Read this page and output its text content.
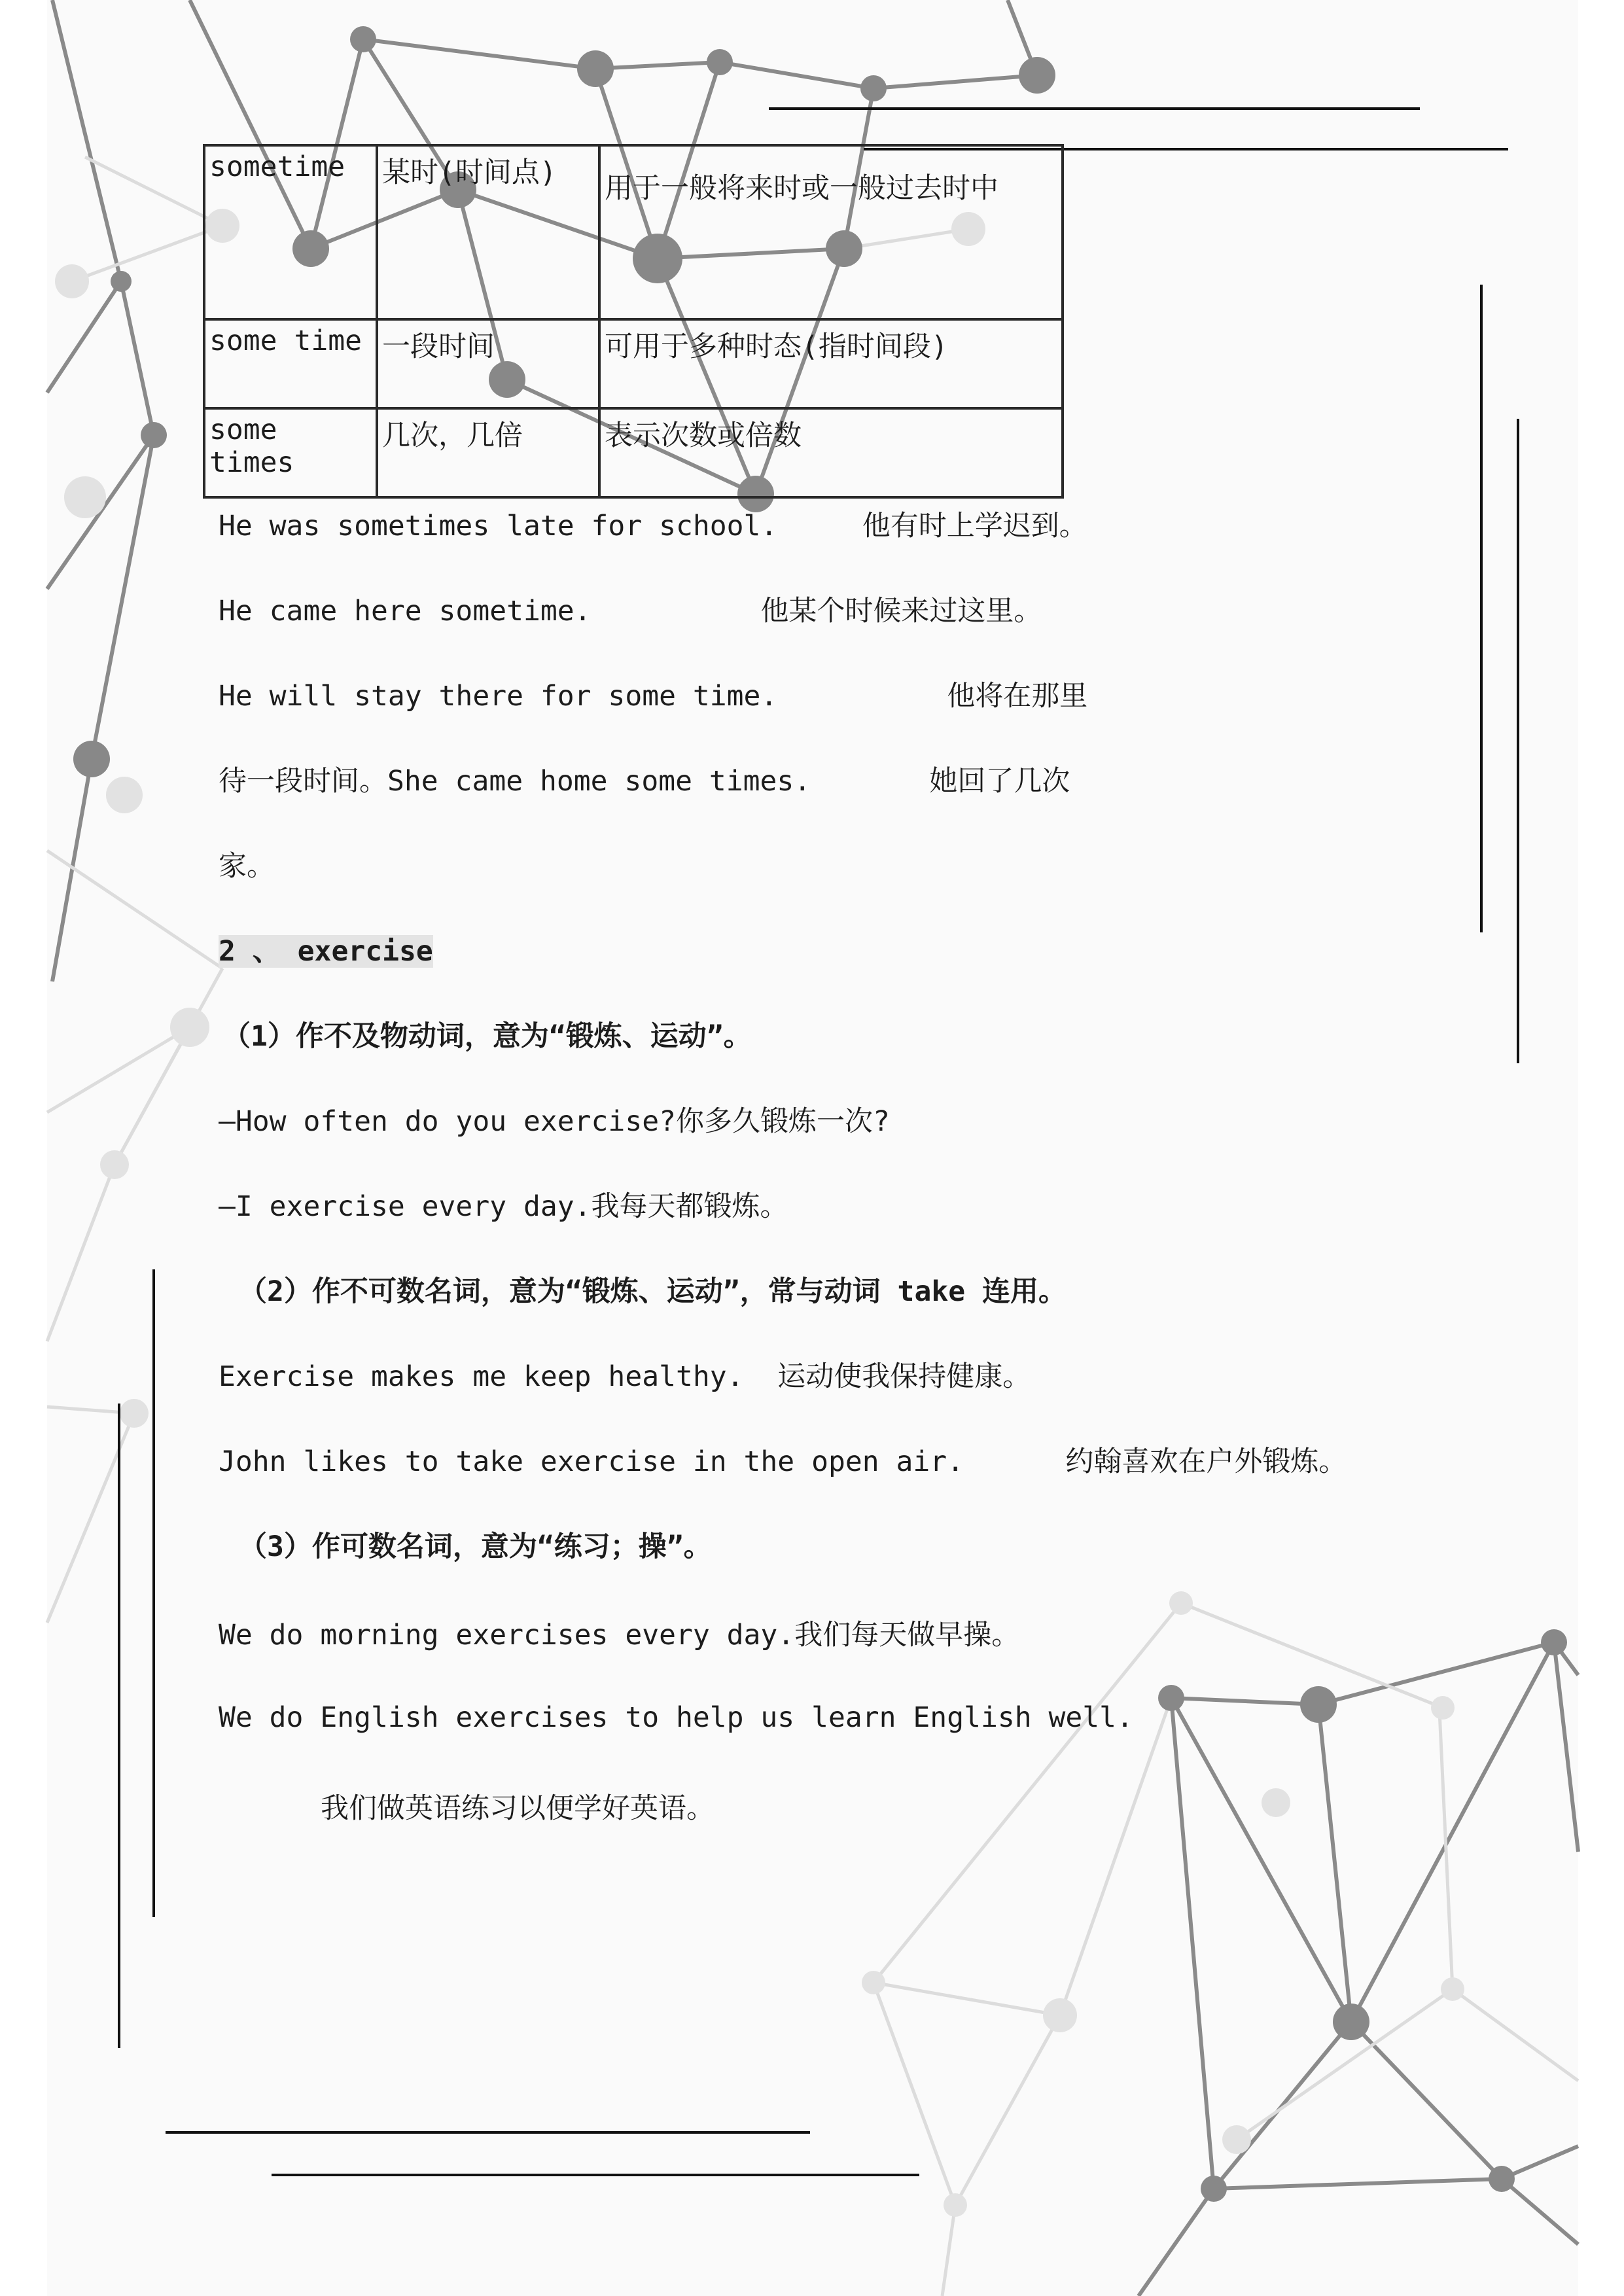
sometime	某时(时间点)	用于一般将来时或一般过去时中
some time	一段时间	可用于多种时态(指时间段)
some times	几次，几倍	表示次数或倍数
He was sometimes late for school.     他有时上学迟到。
He came here sometime.          他某个时候来过这里。
He will stay there for some time.          他将在那里
待一段时间。She came home some times.       她回了几次
家。
2 、 exercise
（1）作不及物动词，意为“锻炼、运动”。
—How often do you exercise?你多久锻炼一次?
—I exercise every day.我每天都锻炼。
（2）作不可数名词，意为“锻炼、运动”，常与动词 take 连用。
Exercise makes me keep healthy.  运动使我保持健康。
John likes to take exercise in the open air.      约翰喜欢在户外锻炼。
（3）作可数名词，意为“练习；操”。
We do morning exercises every day.我们每天做早操。
We do English exercises to help us learn English well.
我们做英语练习以便学好英语。
